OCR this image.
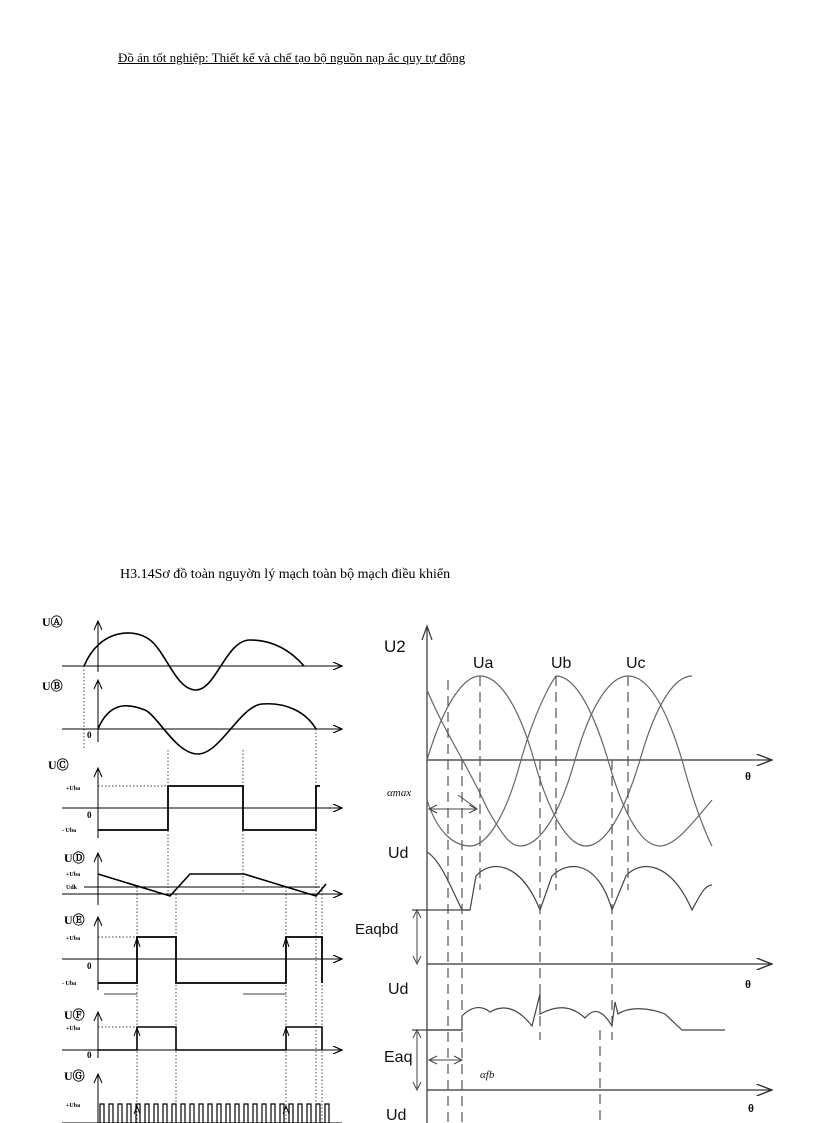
Đồ án tốt nghiệp: Thiết kế và chế tạo bộ nguồn nạp ắc quy tự động
H3.14Sơ đồ toàn nguyờn lý mạch toàn bộ mạch điều khiển
UⒶ
UⒷ
UⒸ
UⒹ
UⒺ
UⒻ
UⒼ
+Uba
- Uba
+Uba
Udk
+Uba
- Uba
+Uba
+Uba
0
0
0
0
U2
Ua	Ub	Uc
θ
θ
θ
αmax
Ud
Eaqbd
Ud
Eaq
αfb
Ud
